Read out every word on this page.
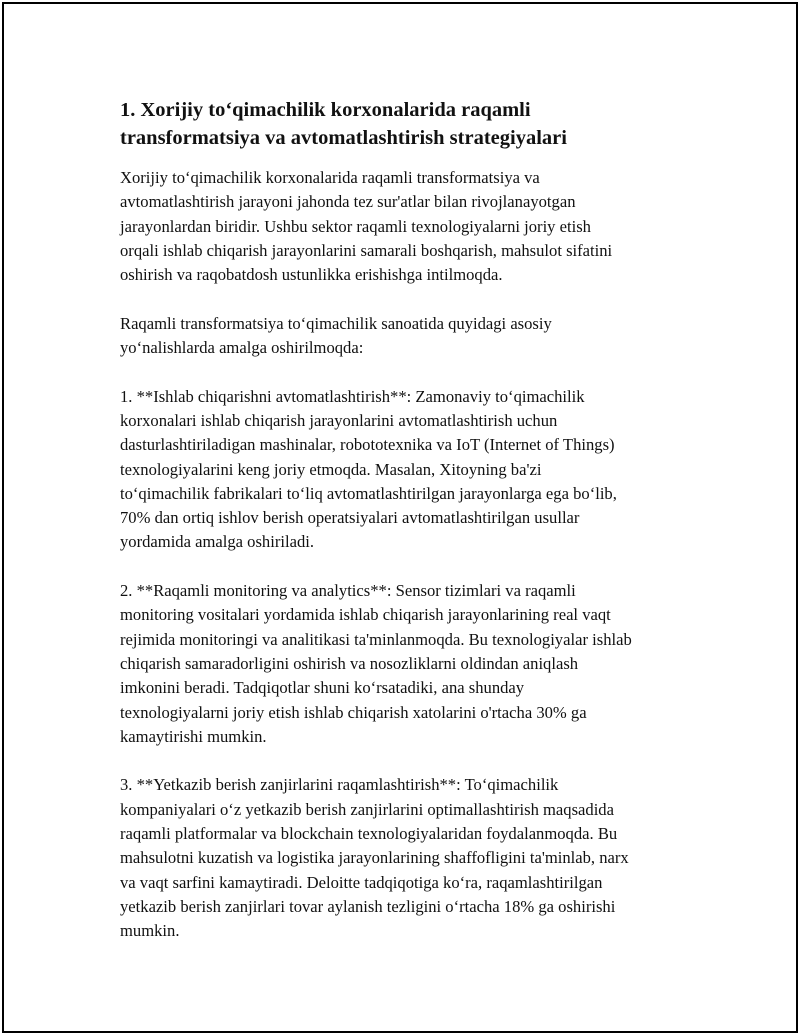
1. Xorijiy to‘qimachilik korxonalarida raqamli
transformatsiya va avtomatlashtirish strategiyalari

Xorijiy to‘qimachilik korxonalarida raqamli transformatsiya va
avtomatlashtirish jarayoni jahonda tez sur'atlar bilan rivojlanayotgan
jarayonlardan biridir. Ushbu sektor raqamli texnologiyalarni joriy etish
orqali ishlab chiqarish jarayonlarini samarali boshqarish, mahsulot sifatini
oshirish va raqobatdosh ustunlikka erishishga intilmoqda.

Raqamli transformatsiya to‘qimachilik sanoatida quyidagi asosiy
yo‘nalishlarda amalga oshirilmoqda:

1. **Ishlab chiqarishni avtomatlashtirish**: Zamonaviy to‘qimachilik
korxonalari ishlab chiqarish jarayonlarini avtomatlashtirish uchun
dasturlashtiriladigan mashinalar, robototexnika va IoT (Internet of Things)
texnologiyalarini keng joriy etmoqda. Masalan, Xitoyning ba'zi
to‘qimachilik fabrikalari to‘liq avtomatlashtirilgan jarayonlarga ega bo‘lib,
70% dan ortiq ishlov berish operatsiyalari avtomatlashtirilgan usullar
yordamida amalga oshiriladi.

2. **Raqamli monitoring va analytics**: Sensor tizimlari va raqamli
monitoring vositalari yordamida ishlab chiqarish jarayonlarining real vaqt
rejimida monitoringi va analitikasi ta'minlanmoqda. Bu texnologiyalar ishlab
chiqarish samaradorligini oshirish va nosozliklarni oldindan aniqlash
imkonini beradi. Tadqiqotlar shuni ko‘rsatadiki, ana shunday
texnologiyalarni joriy etish ishlab chiqarish xatolarini o'rtacha 30% ga
kamaytirishi mumkin.

3. **Yetkazib berish zanjirlarini raqamlashtirish**: To‘qimachilik
kompaniyalari o‘z yetkazib berish zanjirlarini optimallashtirish maqsadida
raqamli platformalar va blockchain texnologiyalaridan foydalanmoqda. Bu
mahsulotni kuzatish va logistika jarayonlarining shaffofligini ta'minlab, narx
va vaqt sarfini kamaytiradi. Deloitte tadqiqotiga ko‘ra, raqamlashtirilgan
yetkazib berish zanjirlari tovar aylanish tezligini o‘rtacha 18% ga oshirishi
mumkin.
